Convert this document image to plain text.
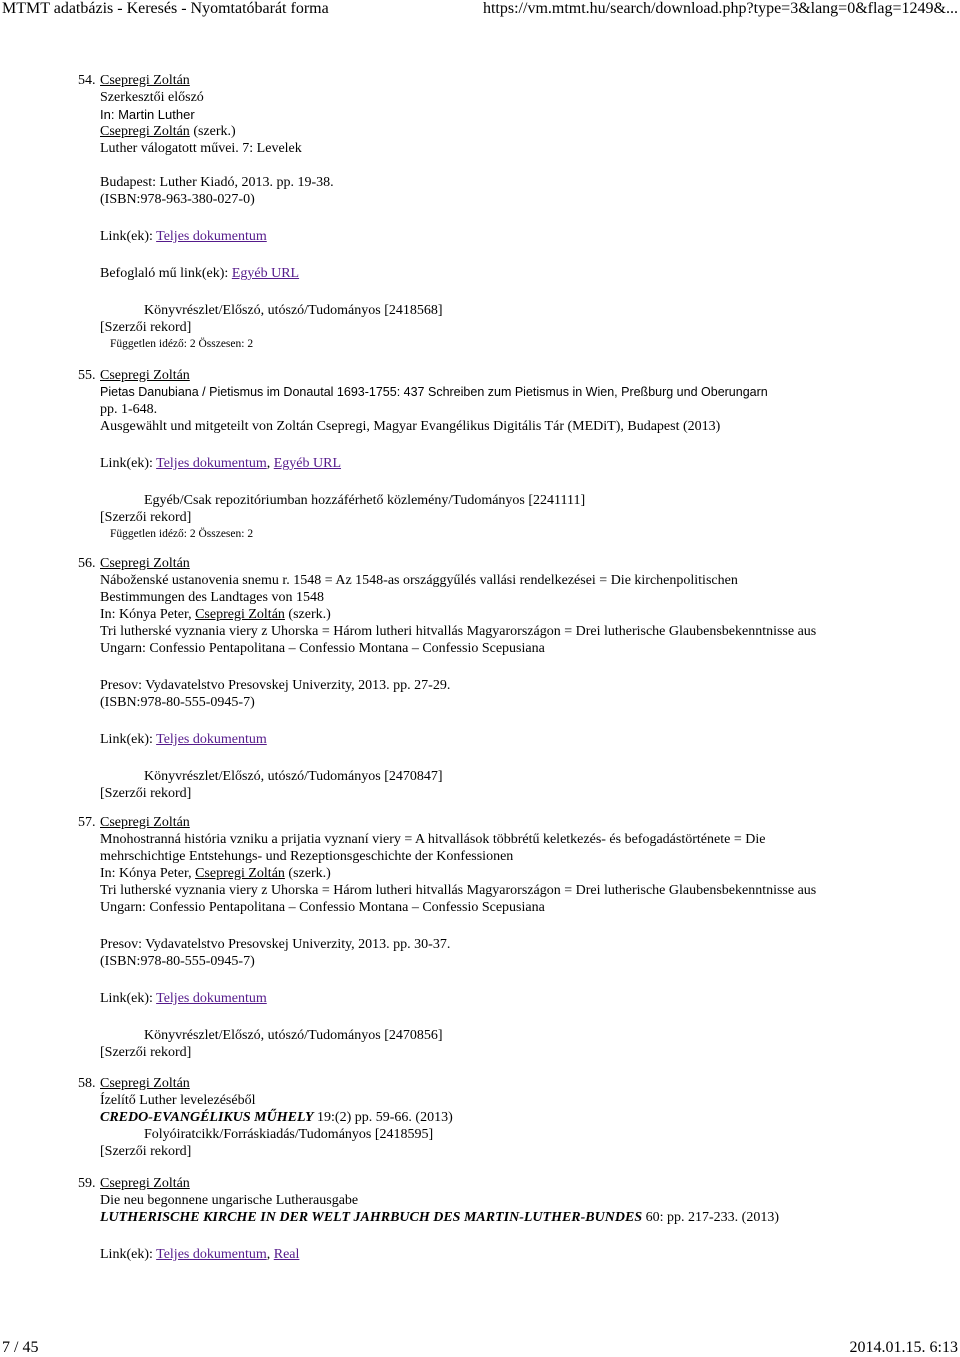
MTMT adatbázis - Keresés - Nyomtatóbarát forma	https://vm.mtmt.hu/search/download.php?type=3&lang=0&flag=1249&...
54. Csepregi Zoltán
Szerkesztői előszó
In: Martin Luther
Csepregi Zoltán (szerk.)
Luther válogatott művei. 7: Levelek
Budapest: Luther Kiadó, 2013. pp. 19-38.
(ISBN:978-963-380-027-0)
Link(ek): Teljes dokumentum
Befoglaló mű link(ek): Egyéb URL
Könyvrészlet/Előszó, utószó/Tudományos [2418568]
[Szerzői rekord]
Független idéző: 2 Összesen: 2
55. Csepregi Zoltán
Pietas Danubiana / Pietismus im Donautal 1693-1755: 437 Schreiben zum Pietismus in Wien, Preßburg und Oberungarn
pp. 1-648.
Ausgewählt und mitgeteilt von Zoltán Csepregi, Magyar Evangélikus Digitális Tár (MEDiT), Budapest (2013)
Link(ek): Teljes dokumentum, Egyéb URL
Egyéb/Csak repozitóriumban hozzáférhető közlemény/Tudományos [2241111]
[Szerzői rekord]
Független idéző: 2 Összesen: 2
56. Csepregi Zoltán
Náboženské ustanovenia snemu r. 1548 = Az 1548-as országgyűlés vallási rendelkezései = Die kirchenpolitischen Bestimmungen des Landtages von 1548
In: Kónya Peter, Csepregi Zoltán (szerk.)
Tri lutherské vyznania viery z Uhorska = Három lutheri hitvallás Magyarországon = Drei lutherische Glaubensbekenntnisse aus Ungarn: Confessio Pentapolitana – Confessio Montana – Confessio Scepusiana
Presov: Vydavatelstvo Presovskej Univerzity, 2013. pp. 27-29.
(ISBN:978-80-555-0945-7)
Link(ek): Teljes dokumentum
Könyvrészlet/Előszó, utószó/Tudományos [2470847]
[Szerzői rekord]
57. Csepregi Zoltán
Mnohostranná história vzniku a prijatia vyznaní viery = A hitvallások többrétű keletkezés- és befogadástörténete = Die mehrschichtige Entstehungs- und Rezeptionsgeschichte der Konfessionen
In: Kónya Peter, Csepregi Zoltán (szerk.)
Tri lutherské vyznania viery z Uhorska = Három lutheri hitvallás Magyarországon = Drei lutherische Glaubensbekenntnisse aus Ungarn: Confessio Pentapolitana – Confessio Montana – Confessio Scepusiana
Presov: Vydavatelstvo Presovskej Univerzity, 2013. pp. 30-37.
(ISBN:978-80-555-0945-7)
Link(ek): Teljes dokumentum
Könyvrészlet/Előszó, utószó/Tudományos [2470856]
[Szerzői rekord]
58. Csepregi Zoltán
Ízelítő Luther levelezéséből
CREDO-EVANGÉLIKUS MŰHELY 19:(2) pp. 59-66. (2013)
Folyóiratcikk/Forráskiadás/Tudományos [2418595]
[Szerzői rekord]
59. Csepregi Zoltán
Die neu begonnene ungarische Lutherausgabe
LUTHERISCHE KIRCHE IN DER WELT JAHRBUCH DES MARTIN-LUTHER-BUNDES 60: pp. 217-233. (2013)
Link(ek): Teljes dokumentum, Real
7 / 45	2014.01.15. 6:13
